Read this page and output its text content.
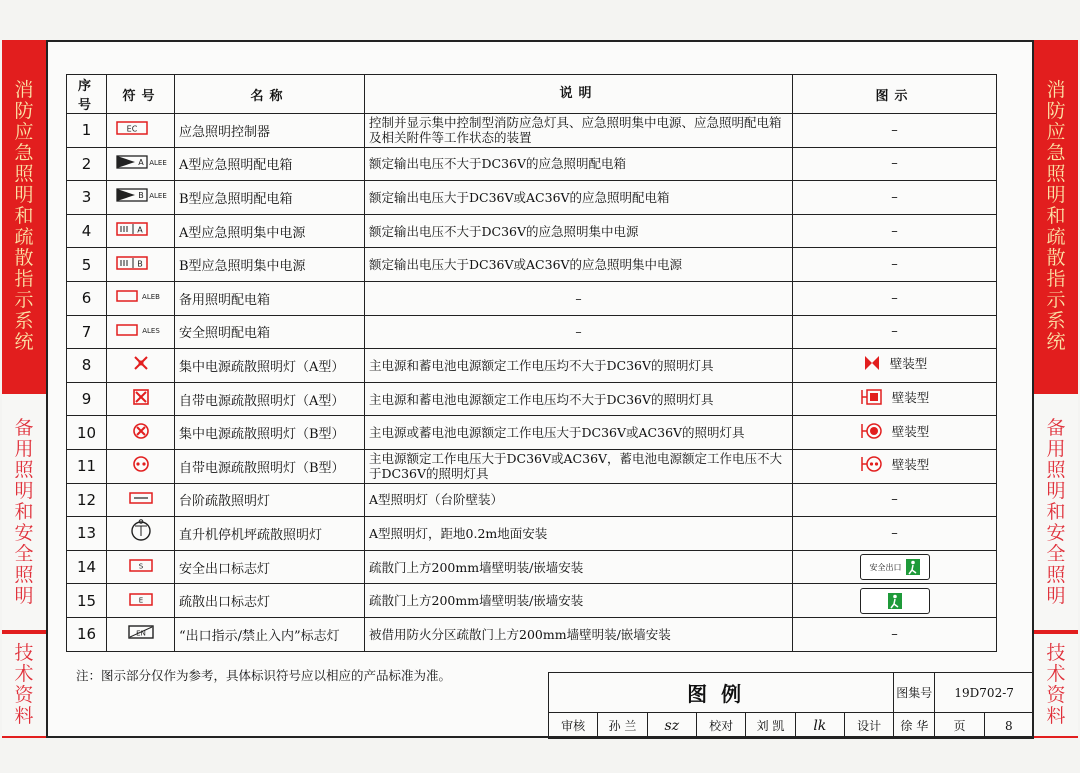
消
防
应
急
照
明
和
疏
散
指
示
系
统
备
用
照
明
和
安
全
照
明
技
术
资
料
消
防
应
急
照
明
和
疏
散
指
示
系
统
备
用
照
明
和
安
全
照
明
技
术
资
料
序号	符号	名称	说明	图示
1	EC	应急照明控制器	控制并显示集中控制型消防应急灯具、应急照明集中电源、应急照明配电箱及相关附件等工作状态的装置	–
2	A ALEE	A型应急照明配电箱	额定输出电压不大于DC36V的应急照明配电箱	–
3	B ALEE	B型应急照明配电箱	额定输出电压大于DC36V或AC36V的应急照明配电箱	–
4	A	A型应急照明集中电源	额定输出电压不大于DC36V的应急照明集中电源	–
5	B	B型应急照明集中电源	额定输出电压大于DC36V或AC36V的应急照明集中电源	–
6	ALEB	备用照明配电箱	–	–
7	ALES	安全照明配电箱	–	–
8		集中电源疏散照明灯（A型）	主电源和蓄电池电源额定工作电压均不大于DC36V的照明灯具	壁装型

9		自带电源疏散照明灯（A型）	主电源和蓄电池电源额定工作电压均不大于DC36V的照明灯具	壁装型

10		集中电源疏散照明灯（B型）	主电源或蓄电池电源额定工作电压大于DC36V或AC36V的照明灯具	壁装型

11		自带电源疏散照明灯（B型）	主电源额定工作电压大于DC36V或AC36V，蓄电池电源额定工作电压不大于DC36V的照明灯具	壁装型

12		台阶疏散照明灯	A型照明灯（台阶壁装）	–
13		直升机停机坪疏散照明灯	A型照明灯，距地0.2m地面安装	–
14	S	安全出口标志灯	疏散门上方200mm墙壁明装/嵌墙安装	安全出口

15	E	疏散出口标志灯	疏散门上方200mm墙壁明装/嵌墙安装	

16	EN	“出口指示/禁止入内”标志灯	被借用防火分区疏散门上方200mm墙壁明装/嵌墙安装	–
注：图示部分仅作为参考，具体标识符号应以相应的产品标准为准。
图例							图集号	19D702-7	
审核	孙 兰	sz	校对	刘 凯	lk	设计	徐 华	页	8
